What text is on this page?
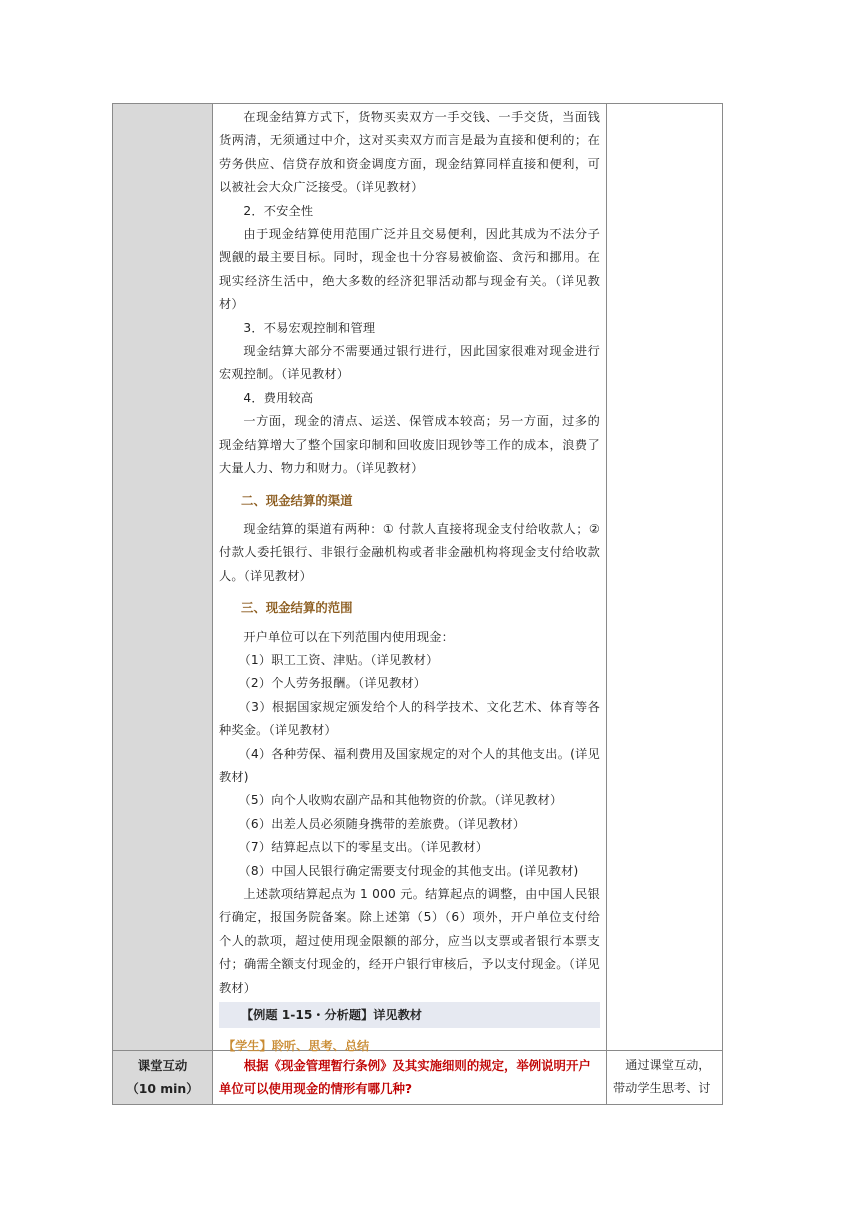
在现金结算方式下，货物买卖双方一手交钱、一手交货，当面钱货两清，无须通过中介，这对买卖双方而言是最为直接和便利的；在劳务供应、信贷存放和资金调度方面，现金结算同样直接和便利，可以被社会大众广泛接受。（详见教材）

2．不安全性

由于现金结算使用范围广泛并且交易便利，因此其成为不法分子觊觎的最主要目标。同时，现金也十分容易被偷盗、贪污和挪用。在现实经济生活中，绝大多数的经济犯罪活动都与现金有关。（详见教材）

3．不易宏观控制和管理

现金结算大部分不需要通过银行进行，因此国家很难对现金进行宏观控制。（详见教材）

4．费用较高

一方面，现金的清点、运送、保管成本较高；另一方面，过多的现金结算增大了整个国家印制和回收废旧现钞等工作的成本，浪费了大量人力、物力和财力。（详见教材）

二、现金结算的渠道

现金结算的渠道有两种：① 付款人直接将现金支付给收款人；② 付款人委托银行、非银行金融机构或者非金融机构将现金支付给收款人。（详见教材）

三、现金结算的范围

开户单位可以在下列范围内使用现金：

（1）职工工资、津贴。（详见教材）

（2）个人劳务报酬。（详见教材）

（3）根据国家规定颁发给个人的科学技术、文化艺术、体育等各种奖金。（详见教材）

（4）各种劳保、福利费用及国家规定的对个人的其他支出。(详见教材)

（5）向个人收购农副产品和其他物资的价款。（详见教材）

（6）出差人员必须随身携带的差旅费。（详见教材）

（7）结算起点以下的零星支出。（详见教材）

（8）中国人民银行确定需要支付现金的其他支出。(详见教材)

上述款项结算起点为 1 000 元。结算起点的调整，由中国人民银行确定，报国务院备案。除上述第（5）（6）项外，开户单位支付给个人的款项，超过使用现金限额的部分，应当以支票或者银行本票支付；确需全额支付现金的，经开户银行审核后，予以支付现金。（详见教材）

【例题 1-15・分析题】详见教材
【学生】聆听、思考、总结
课堂互动
（10 min）
根据《现金管理暂行条例》及其实施细则的规定，举例说明开户单位可以使用现金的情形有哪几种?
通过课堂互动，带动学生思考、讨
